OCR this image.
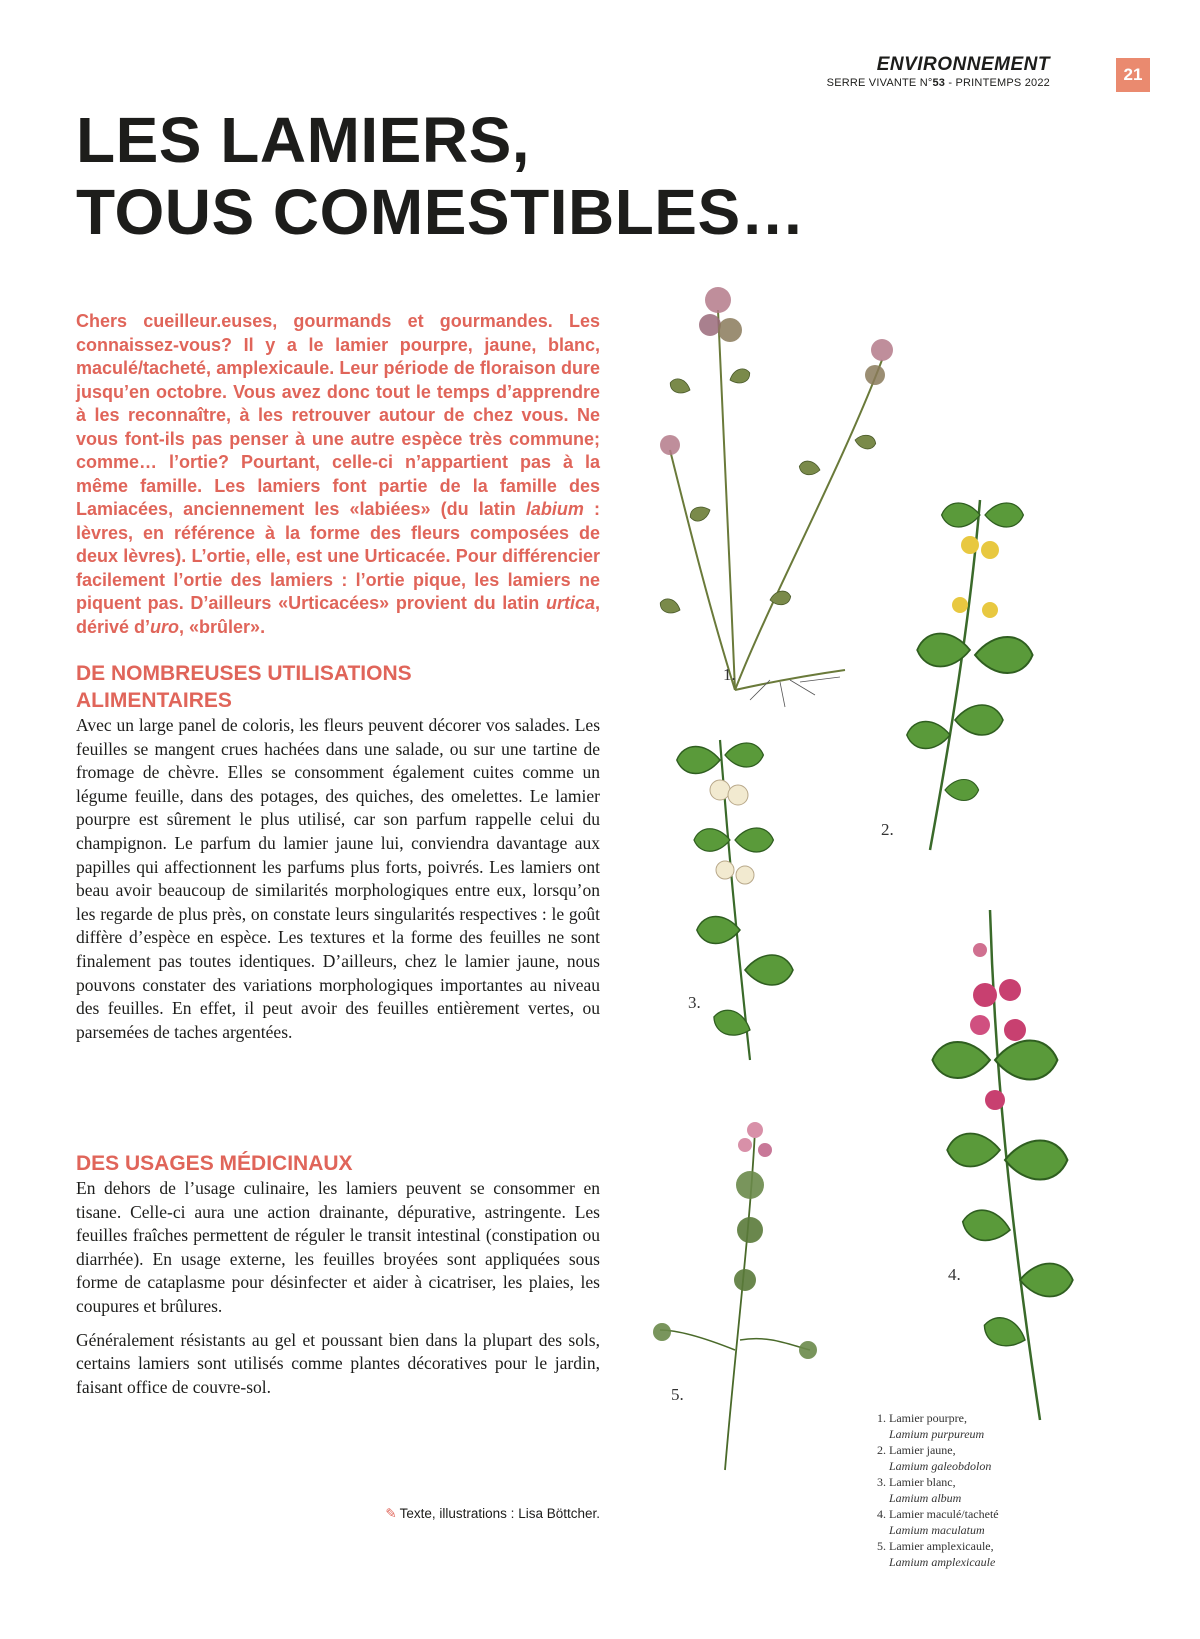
ENVIRONNEMENT
SERRE VIVANTE N°53 - PRINTEMPS 2022	21
LES LAMIERS,
TOUS COMESTIBLES…

Chers cueilleur.euses, gourmands et gourmandes. Les connaissez-vous? Il y a le lamier pourpre, jaune, blanc, maculé/tacheté, amplexicaule. Leur période de floraison dure jusqu’en octobre. Vous avez donc tout le temps d’apprendre à les reconnaître, à les retrouver autour de chez vous. Ne vous font-ils pas penser à une autre espèce très commune; comme… l’ortie? Pourtant, celle-ci n’appartient pas à la même famille. Les lamiers font partie de la famille des Lamiacées, anciennement les «labiées» (du latin labium : lèvres, en référence à la forme des fleurs composées de deux lèvres). L’ortie, elle, est une Urticacée. Pour différencier facilement l’ortie des lamiers : l’ortie pique, les lamiers ne piquent pas. D’ailleurs «Urticacées» provient du latin urtica, dérivé d’uro, «brûler».

DE NOMBREUSES UTILISATIONS
ALIMENTAIRES

Avec un large panel de coloris, les fleurs peuvent décorer vos salades. Les feuilles se mangent crues hachées dans une salade, ou sur une tartine de fromage de chèvre. Elles se consomment également cuites comme un légume feuille, dans des potages, des quiches, des omelettes. Le lamier pourpre est sûrement le plus utilisé, car son parfum rappelle celui du champignon. Le parfum du lamier jaune lui, conviendra davantage aux papilles qui affectionnent les parfums plus forts, poivrés. Les lamiers ont beau avoir beaucoup de similarités morphologiques entre eux, lorsqu’on les regarde de plus près, on constate leurs singularités respectives : le goût diffère d’espèce en espèce. Les textures et la forme des feuilles ne sont finalement pas toutes identiques. D’ailleurs, chez le lamier jaune, nous pouvons constater des variations morphologiques importantes au niveau des feuilles. En effet, il peut avoir des feuilles entièrement vertes, ou parsemées de taches argentées.

DES USAGES MÉDICINAUX

En dehors de l’usage culinaire, les lamiers peuvent se consommer en tisane. Celle-ci aura une action drainante, dépurative, astringente. Les feuilles fraîches permettent de réguler le transit intestinal (constipation ou diarrhée). En usage externe, les feuilles broyées sont appliquées sous forme de cataplasme pour désinfecter et aider à cicatriser, les plaies, les coupures et brûlures.

Généralement résistants au gel et poussant bien dans la plupart des sols, certains lamiers sont utilisés comme plantes décoratives pour le jardin, faisant office de couvre-sol.

✎ Texte, illustrations : Lisa Böttcher.
1.
2.
3.
4.
5.
1. Lamier pourpre,
Lamium purpureum
2. Lamier jaune,
Lamium galeobdolon
3. Lamier blanc,
Lamium album
4. Lamier maculé/tacheté
Lamium maculatum
5. Lamier amplexicaule,
Lamium amplexicaule
